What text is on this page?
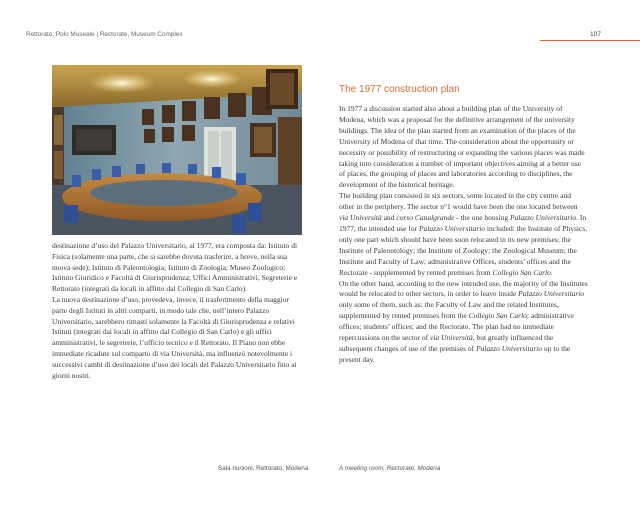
Rettorato, Polo Museale | Rectorate, Museum Complex	107

destinazione d’uso del Palazzo Universitario, al 1977, era composta da: Istituto di Fisica (solamente una parte, che si sarebbe dovuta trasferire, a breve, nella sua nuova sede); Istituto di Paleontologia; Istituto di Zoologia; Museo Zoologico; Istituto Giuridico e Facoltà di Giurisprudenza; Uffici Amministrativi, Segreterie e Rettorato (integrati da locali in affitto dal Collegio di San Carlo).

La nuova destinazione d’uso, prevedeva, invece, il trasferimento della maggior parte degli Istituti in altri comparti, in modo tale che, nell’intero Palazzo Universitario, sarebbero rimasti solamente la Facoltà di Giurisprudenza e relativi Istituti (integrati dai locali in affitto dal Collegio di San Carlo) e gli uffici amministrativi, le segreterie, l’ufficio tecnico e il Rettorato. Il Piano non ebbe immediate ricadute sul comparto di via Università, ma influenzò notevolmente i successivi cambi di destinazione d’uso dei locali del Palazzo Universitario fino ai giorni nostri.

The 1977 construction plan

In 1977 a discussion started also about a building plan of the University of Modena, which was a proposal for the definitive arrangement of the university buildings. The idea of the plan started from an examination of the places of the University of Modena of that time. The consideration about the opportunity or necessity or possibility of restructuring or expanding the various places was made taking into consideration a number of important objectives aiming at a better use of places, the grouping of places and laboratories according to disciplines, the development of the historical heritage.

The building plan consisted in six sectors, some located in the city centre and other in the periphery. The sector n°1 would have been the one located between via Università and corso Canalgrande - the one housing Palazzo Universitario. In 1977, the intended use for Palazzo Universitario included: the Institute of Physics, only one part which should have been soon relocated in its new premises; the Institute of Paleontology; the Institute of Zoology; the Zoological Museum; the Institute and Faculty of Law; administrative Offices, students’ offices and the Rectorate - supplemented by rented premises from Collegio San Carlo.

On the other hand, according to the new intended use, the majority of the Institutes would be relocated to other sectors, in order to leave inside Palazzo Universitario only some of them, such as: the Faculty of Law and the related Institutes, supplemented by rented premises from the Collegio San Carlo; administrative offices; students’ offices; and the Rectorate. The plan had no immediate repercussions on the sector of via Università, but greatly influenced the subsequent changes of use of the premises of Palazzo Universitario up to the present day.

Sala riunioni, Rettorato, Modena	A meeting room, Rectorate, Modena
